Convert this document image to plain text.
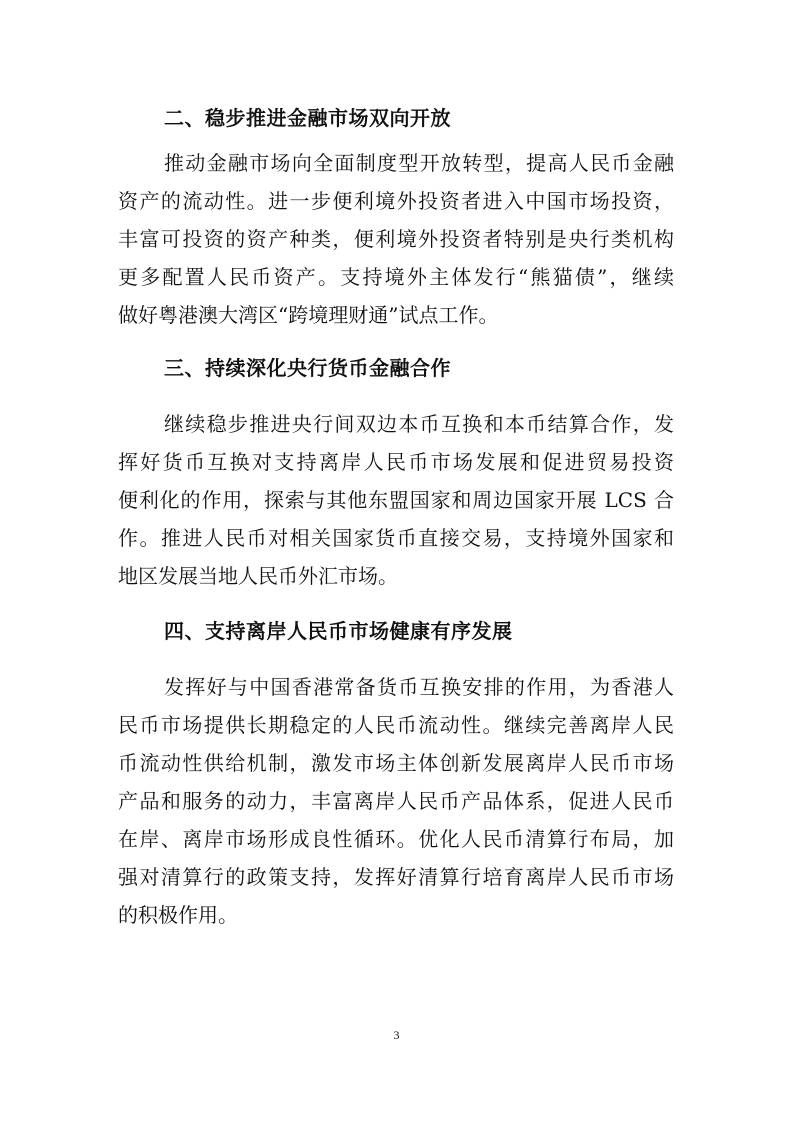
二、稳步推进金融市场双向开放
推动金融市场向全面制度型开放转型，提高人民币金融
资产的流动性。进一步便利境外投资者进入中国市场投资，
丰富可投资的资产种类，便利境外投资者特别是央行类机构
更多配置人民币资产。支持境外主体发行“熊猫债”，继续
做好粤港澳大湾区“跨境理财通”试点工作。
三、持续深化央行货币金融合作
继续稳步推进央行间双边本币互换和本币结算合作，发
挥好货币互换对支持离岸人民币市场发展和促进贸易投资
便利化的作用，探索与其他东盟国家和周边国家开展 LCS 合
作。推进人民币对相关国家货币直接交易，支持境外国家和
地区发展当地人民币外汇市场。
四、支持离岸人民币市场健康有序发展
发挥好与中国香港常备货币互换安排的作用，为香港人
民币市场提供长期稳定的人民币流动性。继续完善离岸人民
币流动性供给机制，激发市场主体创新发展离岸人民币市场
产品和服务的动力，丰富离岸人民币产品体系，促进人民币
在岸、离岸市场形成良性循环。优化人民币清算行布局，加
强对清算行的政策支持，发挥好清算行培育离岸人民币市场
的积极作用。
3
